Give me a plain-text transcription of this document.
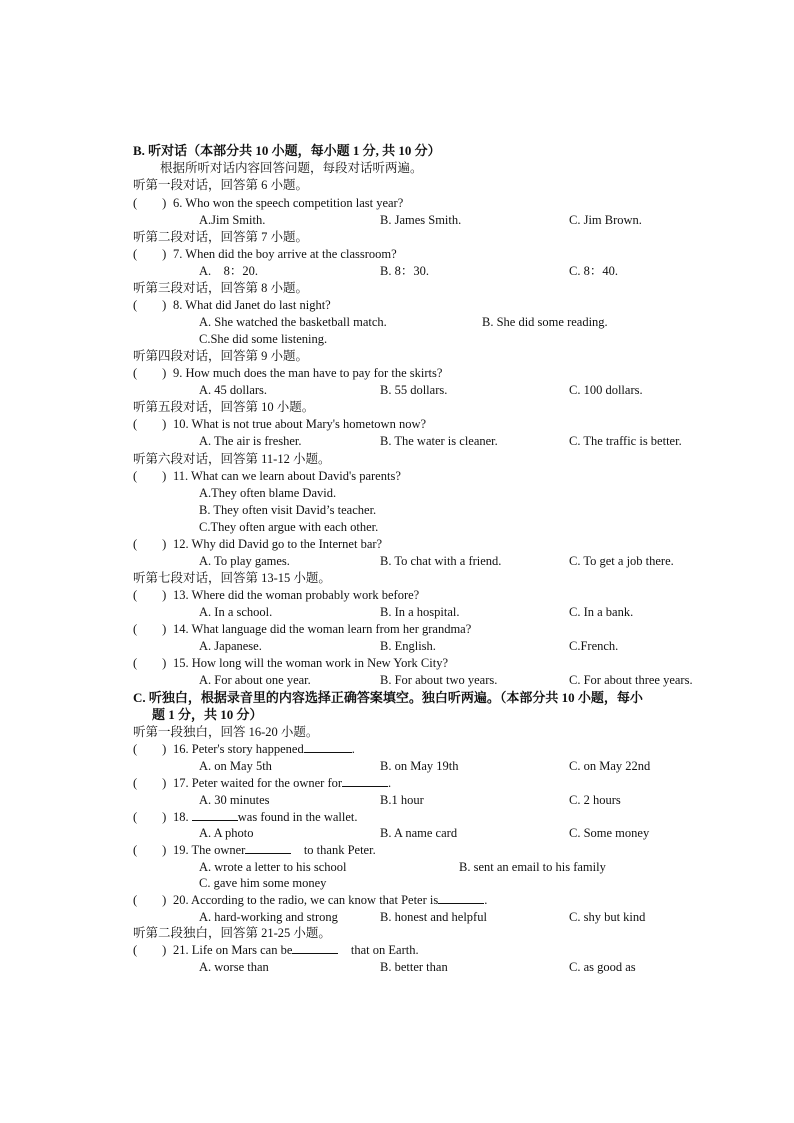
B. 听对话（本部分共 10 小题，每小题 1 分, 共 10 分）
根据所听对话内容回答问题，每段对话听两遍。
听第一段对话，回答第 6 小题。
(　　) 6. Who won the speech competition last year?
A.Jim Smith.	B. James Smith.	C. Jim Brown.
听第二段对话，回答第 7 小题。
(　　) 7. When did the boy arrive at the classroom?
A.　8：20.	B. 8：30.	C. 8：40.
听第三段对话，回答第 8 小题。
(　　) 8. What did Janet do last night?
A. She watched the basketball match.	B. She did some reading.
C.She did some listening.
听第四段对话，回答第 9 小题。
(　　) 9. How much does the man have to pay for the skirts?
A. 45 dollars.	B. 55 dollars.	C. 100 dollars.
听第五段对话，回答第 10 小题。
(　　) 10. What is not true about Mary's hometown now?
A. The air is fresher.	B. The water is cleaner.	C. The traffic is better.
听第六段对话，回答第 11-12 小题。
(　　) 11. What can we learn about David's parents?
A.They often blame David.
B. They often visit David’s teacher.
C.They often argue with each other.
(　　) 12. Why did David go to the Internet bar?
A. To play games.	B. To chat with a friend.	C. To get a job there.
听第七段对话，回答第 13-15 小题。
(　　) 13. Where did the woman probably work before?
A. In a school.	B. In a hospital.	C. In a bank.
(　　) 14. What language did the woman learn from her grandma?
A. Japanese.	B. English.	C.French.
(　　) 15. How long will the woman work in New York City?
A. For about one year.	B. For about two years.	C. For about three years.
C. 听独白，根据录音里的内容选择正确答案填空。独白听两遍。（本部分共 10 小题，每小
题 1 分，共 10 分）
听第一段独白，回答 16-20 小题。
(　　) 16. Peter's story happened	.
A. on May 5th	B. on May 19th	C. on May 22nd
(　　) 17. Peter waited for the owner for	.
A. 30 minutes	B.1 hour	C. 2 hours
(　　) 18.	was found in the wallet.
A. A photo	B. A name card	C. Some money
(　　) 19. The owner	　to thank Peter.
A. wrote a letter to his school	B. sent an email to his family
C. gave him some money
(　　) 20. According to the radio, we can know that Peter is	.
A. hard-working and strong	B. honest and helpful	C. shy but kind
听第二段独白，回答第 21-25 小题。
(　　) 21. Life on Mars can be	　that on Earth.
A. worse than	B. better than	C. as good as
